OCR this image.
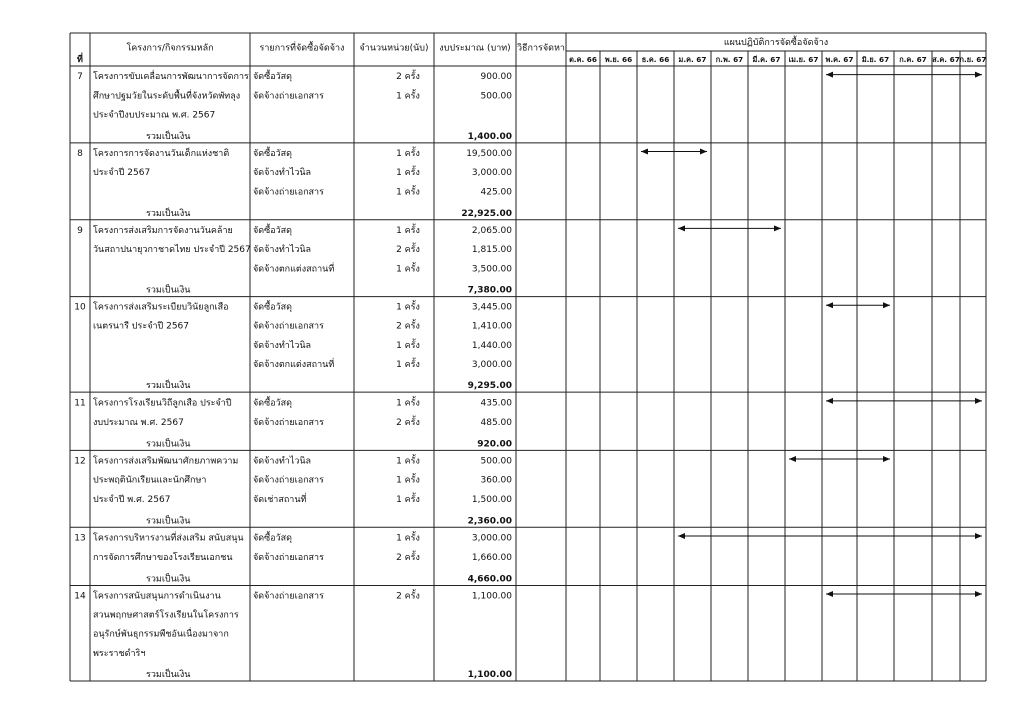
ที่
โครงการ/กิจกรรมหลัก	รายการที่จัดซื้อจัดจ้าง จำนวนหน่วย(นับ) งบประมาณ (บาท) วิธีการจัดหา
แผนปฏิบัติการจัดซื้อจัดจ้าง
ต.ค. 66 พ.ย. 66 ธ.ค. 66 ม.ค. 67 ก.พ. 67 มี.ค. 67 เม.ย. 67 พ.ค. 67 มิ.ย. 67 ก.ค. 67 ส.ค. 67 ก.ย. 67
7 โครงการขับเคลื่อนการพัฒนาการจัดการ
ศึกษาปฐมวัยในระดับพื้นที่จังหวัดพัทลุง
ประจำปีงบประมาณ พ.ศ. 2567
จัดซื้อวัสดุ	2 ครั้ง	900.00
จัดจ้างถ่ายเอกสาร	1 ครั้ง	500.00
รวมเป็นเงิน	1,400.00
8 โครงการการจัดงานวันเด็กแห่งชาติ
ประจำปี 2567
จัดซื้อวัสดุ	1 ครั้ง	19,500.00
จัดจ้างทำไวนิล	1 ครั้ง	3,000.00
จัดจ้างถ่ายเอกสาร	1 ครั้ง	425.00
รวมเป็นเงิน	22,925.00
9 โครงการส่งเสริมการจัดงานวันคล้าย
วันสถาปนายุวกาชาดไทย ประจำปี 2567
จัดซื้อวัสดุ	1 ครั้ง	2,065.00
จัดจ้างทำไวนิล	2 ครั้ง	1,815.00
จัดจ้างตกแต่งสถานที่	1 ครั้ง	3,500.00
รวมเป็นเงิน	7,380.00
10 โครงการส่งเสริมระเบียบวินัยลูกเสือ
เนตรนารี ประจำปี 2567
จัดซื้อวัสดุ	1 ครั้ง	3,445.00
จัดจ้างถ่ายเอกสาร	2 ครั้ง	1,410.00
จัดจ้างทำไวนิล	1 ครั้ง	1,440.00
จัดจ้างตกแต่งสถานที่	1 ครั้ง	3,000.00
รวมเป็นเงิน	9,295.00
11 โครงการโรงเรียนวิถีลูกเสือ ประจำปี
งบประมาณ พ.ศ. 2567
จัดซื้อวัสดุ	1 ครั้ง	435.00
จัดจ้างถ่ายเอกสาร	2 ครั้ง	485.00
รวมเป็นเงิน	920.00
12 โครงการส่งเสริมพัฒนาศักยภาพความ
ประพฤตินักเรียนและนักศึกษา
ประจำปี พ.ศ. 2567
จัดจ้างทำไวนิล	1 ครั้ง	500.00
จัดจ้างถ่ายเอกสาร	1 ครั้ง	360.00
จัดเช่าสถานที่	1 ครั้ง	1,500.00
รวมเป็นเงิน	2,360.00
13 โครงการบริหารงานที่ส่งเสริม สนับสนุน
การจัดการศึกษาของโรงเรียนเอกชน
จัดซื้อวัสดุ	1 ครั้ง	3,000.00
จัดจ้างถ่ายเอกสาร	2 ครั้ง	1,660.00
รวมเป็นเงิน	4,660.00
14 โครงการสนับสนุนการดำเนินงาน
สวนพฤกษศาสตร์โรงเรียนในโครงการ
อนุรักษ์พันธุกรรมพืชอันเนื่องมาจาก
พระราชดำริฯ
จัดจ้างถ่ายเอกสาร	2 ครั้ง	1,100.00
รวมเป็นเงิน	1,100.00
